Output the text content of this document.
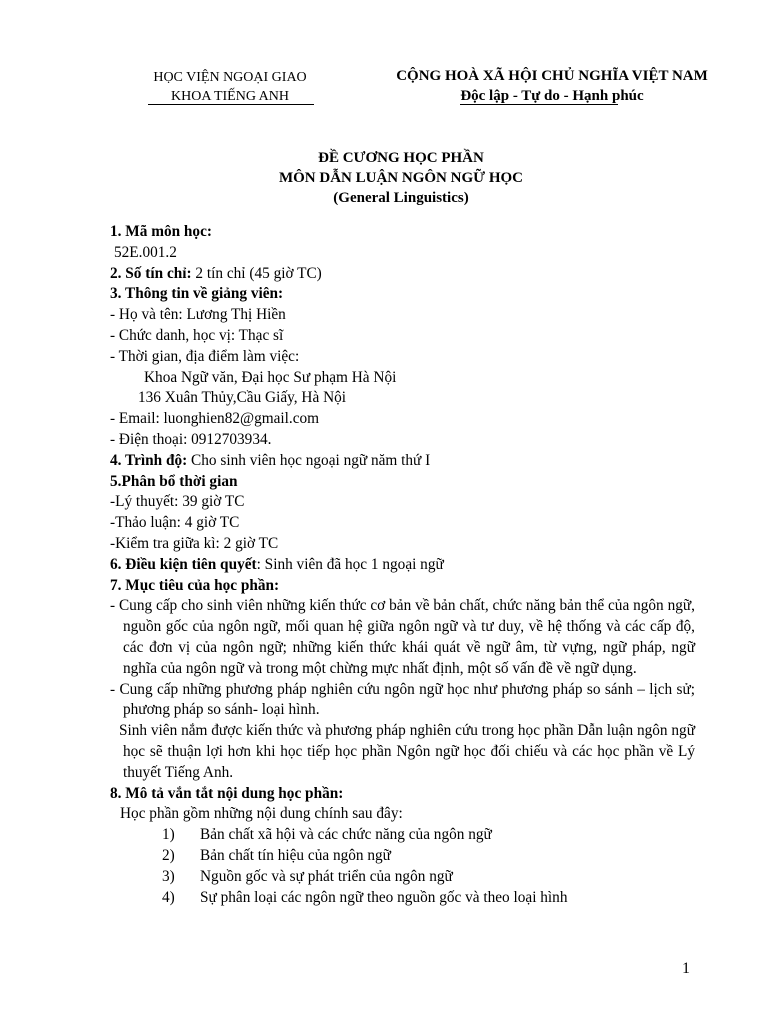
HỌC VIỆN NGOẠI GIAO
KHOA TIẾNG ANH
CỘNG HOÀ XÃ HỘI CHỦ NGHĨA VIỆT NAM
Độc lập - Tự do - Hạnh phúc
ĐỀ CƯƠNG HỌC PHẦN
MÔN DẪN LUẬN NGÔN NGỮ HỌC
(General Linguistics)

1. Mã môn học:

52E.001.2

2. Số tín chỉ: 2 tín chỉ (45 giờ TC)

3. Thông tin về giảng viên:

- Họ và tên: Lương Thị Hiền

- Chức danh, học vị: Thạc sĩ

- Thời gian, địa điểm làm việc:

Khoa Ngữ văn, Đại học Sư phạm Hà Nội

136 Xuân Thủy,Cầu Giấy, Hà Nội

- Email: luonghien82@gmail.com

- Điện thoại: 0912703934.

4. Trình độ: Cho sinh viên học ngoại ngữ năm thứ I

5.Phân bổ thời gian

-Lý thuyết: 39 giờ TC

-Thảo luận: 4 giờ TC

-Kiểm tra giữa kì: 2 giờ TC

6. Điều kiện tiên quyết: Sinh viên đã học 1 ngoại ngữ

7. Mục tiêu của học phần:

- Cung cấp cho sinh viên những kiến thức cơ bản về bản chất, chức năng bản thể của ngôn ngữ, nguồn gốc của ngôn ngữ, mối quan hệ giữa ngôn ngữ và tư duy, về hệ thống và các cấp độ, các đơn vị của ngôn ngữ; những kiến thức khái quát về ngữ âm, từ vựng, ngữ pháp, ngữ nghĩa của ngôn ngữ và trong một chừng mực nhất định, một số vấn đề về ngữ dụng.

- Cung cấp những phương pháp nghiên cứu ngôn ngữ học như phương pháp so sánh – lịch sử; phương pháp so sánh- loại hình.

Sinh viên nắm được kiến thức và phương pháp nghiên cứu trong học phần Dẫn luận ngôn ngữ học sẽ thuận lợi hơn khi học tiếp học phần Ngôn ngữ học đối chiếu và các học phần về Lý thuyết Tiếng Anh.

8. Mô tả vắn tắt nội dung học phần:

Học phần gồm những nội dung chính sau đây:

1) Bản chất xã hội và các chức năng của ngôn ngữ

2) Bản chất tín hiệu của ngôn ngữ

3) Nguồn gốc và sự phát triển của ngôn ngữ

4) Sự phân loại các ngôn ngữ theo nguồn gốc và theo loại hình

1
